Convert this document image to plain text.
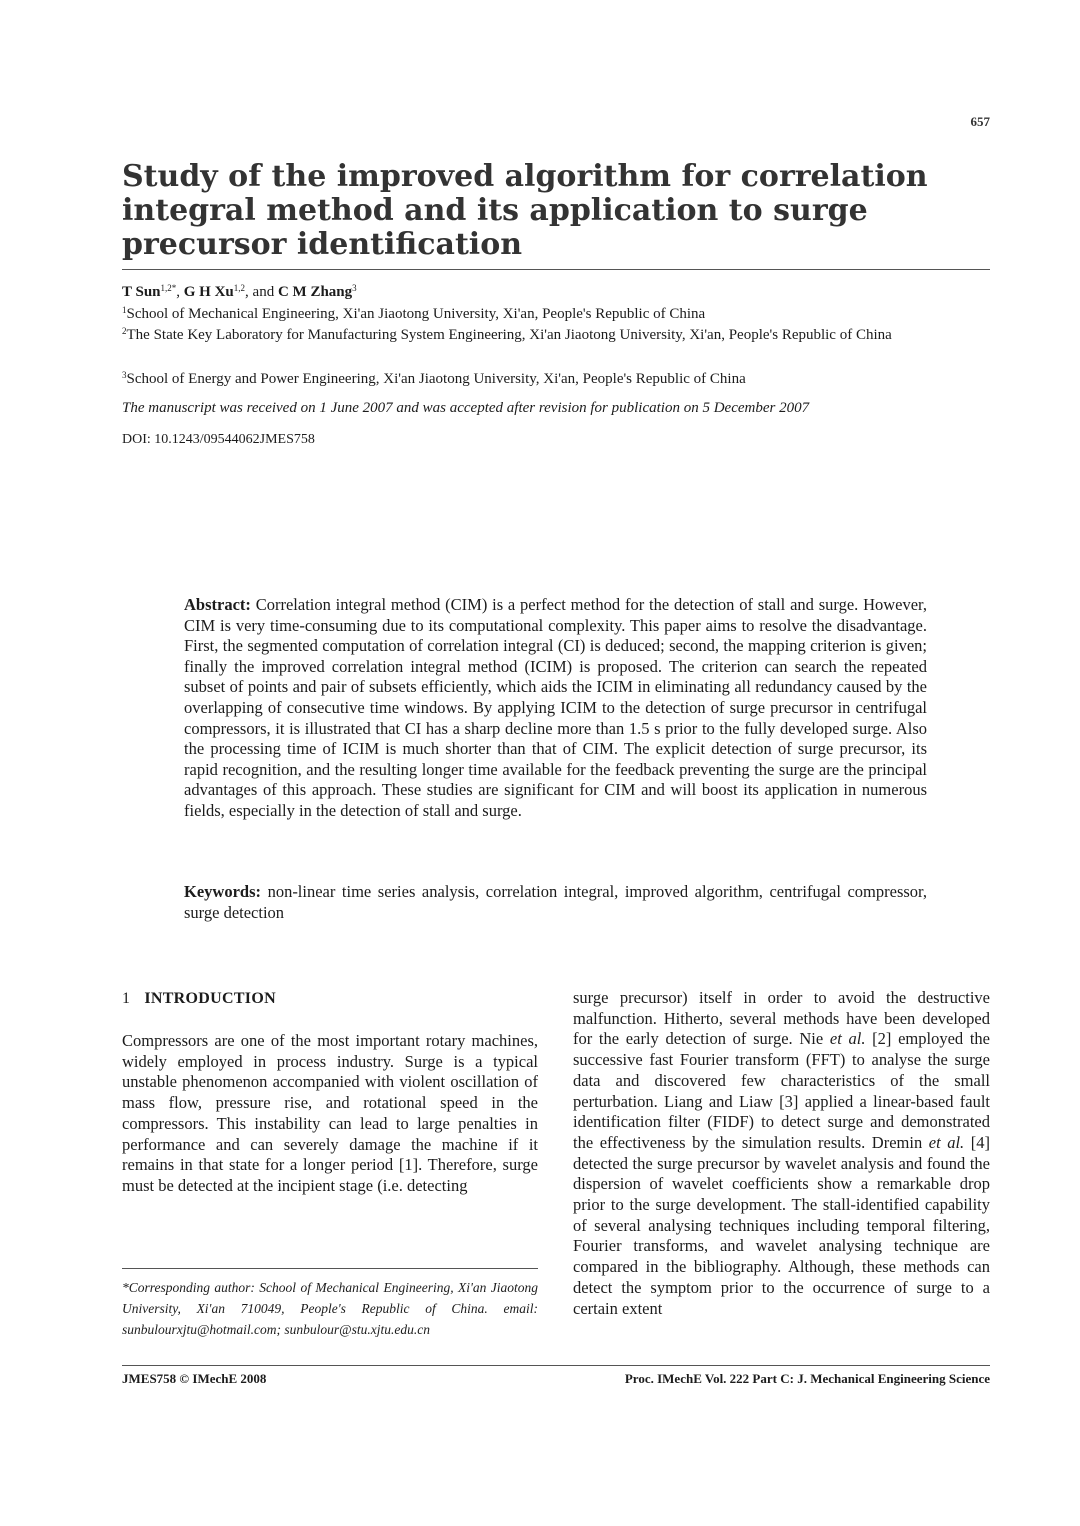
657
Study of the improved algorithm for correlation integral method and its application to surge precursor identification
T Sun$^{1,2*}$, G H Xu$^{1,2}$, and C M Zhang$^3$
$^1$School of Mechanical Engineering, Xi'an Jiaotong University, Xi'an, People's Republic of China
$^2$The State Key Laboratory for Manufacturing System Engineering, Xi'an Jiaotong University, Xi'an, People's Republic of China
$^3$School of Energy and Power Engineering, Xi'an Jiaotong University, Xi'an, People's Republic of China
The manuscript was received on 1 June 2007 and was accepted after revision for publication on 5 December 2007
DOI: 10.1243/09544062JMES758

Abstract: Correlation integral method (CIM) is a perfect method for the detection of stall and surge. However, CIM is very time-consuming due to its computational complexity. This paper aims to resolve the disadvantage. First, the segmented computation of correlation integral (CI) is deduced; second, the mapping criterion is given; finally the improved correlation integral method (ICIM) is proposed. The criterion can search the repeated subset of points and pair of subsets efficiently, which aids the ICIM in eliminating all redundancy caused by the overlapping of consecutive time windows. By applying ICIM to the detection of surge precursor in centrifugal compressors, it is illustrated that CI has a sharp decline more than 1.5 s prior to the fully developed surge. Also the processing time of ICIM is much shorter than that of CIM. The explicit detection of surge precursor, its rapid recognition, and the resulting longer time available for the feedback preventing the surge are the principal advantages of this approach. These studies are significant for CIM and will boost its application in numerous fields, especially in the detection of stall and surge.

Keywords: non-linear time series analysis, correlation integral, improved algorithm, centrifugal compressor, surge detection

1 INTRODUCTION

Compressors are one of the most important rotary machines, widely employed in process industry. Surge is a typical unstable phenomenon accompanied with violent oscillation of mass flow, pressure rise, and rotational speed in the compressors. This instability can lead to large penalties in performance and can severely damage the machine if it remains in that state for a longer period [1]. Therefore, surge must be detected at the incipient stage (i.e. detecting

surge precursor) itself in order to avoid the destructive malfunction. Hitherto, several methods have been developed for the early detection of surge. Nie et al. [2] employed the successive fast Fourier transform (FFT) to analyse the surge data and discovered few characteristics of the small perturbation. Liang and Liaw [3] applied a linear-based fault identification filter (FIDF) to detect surge and demonstrated the effectiveness by the simulation results. Dremin et al. [4] detected the surge precursor by wavelet analysis and found the dispersion of wavelet coefficients show a remarkable drop prior to the surge development. The stall-identified capability of several analysing techniques including temporal filtering, Fourier transforms, and wavelet analysing technique are compared in the bibliography. Although, these methods can detect the symptom prior to the occurrence of surge to a certain extent

*Corresponding author: School of Mechanical Engineering, Xi'an Jiaotong University, Xi'an 710049, People's Republic of China. email: sunbulourxjtu@hotmail.com; sunbulour@stu.xjtu.edu.cn

JMES758 © IMechE 2008	Proc. IMechE Vol. 222 Part C: J. Mechanical Engineering Science
